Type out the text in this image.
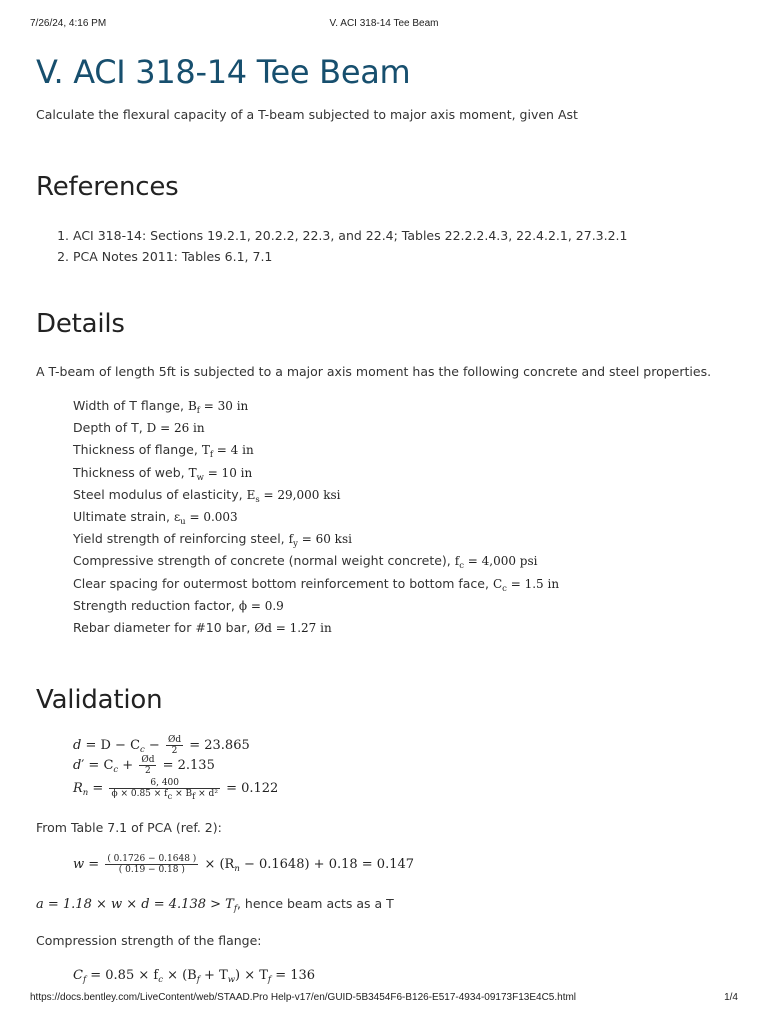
7/26/24, 4:16 PM	V. ACI 318-14 Tee Beam
V. ACI 318-14 Tee Beam

Calculate the flexural capacity of a T-beam subjected to major axis moment, given Ast

References
1. ACI 318-14: Sections 19.2.1, 20.2.2, 22.3, and 22.4; Tables 22.2.2.4.3, 22.4.2.1, 27.3.2.1
2. PCA Notes 2011: Tables 6.1, 7.1
Details

A T-beam of length 5ft is subjected to a major axis moment has the following concrete and steel properties.

Width of T flange, $B_f = 30$ in
Depth of T, D = 26 in
Thickness of flange, $T_f = 4$ in
Thickness of web, $T_w = 10$ in
Steel modulus of elasticity, $E_s = 29,000$ ksi
Ultimate strain, $\varepsilon_u = 0.003$
Yield strength of reinforcing steel, $f_y = 60$ ksi
Compressive strength of concrete (normal weight concrete), $f_c = 4,000$ psi
Clear spacing for outermost bottom reinforcement to bottom face, $C_c = 1.5$ in
Strength reduction factor, ϕ = 0.9
Rebar diameter for #10 bar, Ød = 1.27 in
Validation
$d = D - C_c - \frac{Ød}{2} = 23.865$
$d' = C_c + \frac{Ød}{2} = 2.135$
$R_n = \frac{6, 400}{\phi \times 0.85 \times f_c \times B_f \times d^2} = 0.122$

From Table 7.1 of PCA (ref. 2):

$w = \frac{( 0.1726 - 0.1648 )}{( 0.19 - 0.18 )} \times (R_n - 0.1648) + 0.18 = 0.147$

$a = 1.18 \times w \times d = 4.138 > T_f$, hence beam acts as a T

Compression strength of the flange:

$C_f = 0.85 \times f_c \times (B_f + T_w) \times T_f = 136$
https://docs.bentley.com/LiveContent/web/STAAD.Pro Help-v17/en/GUID-5B3454F6-B126-E517-4934-09173F13E4C5.html	1/4
